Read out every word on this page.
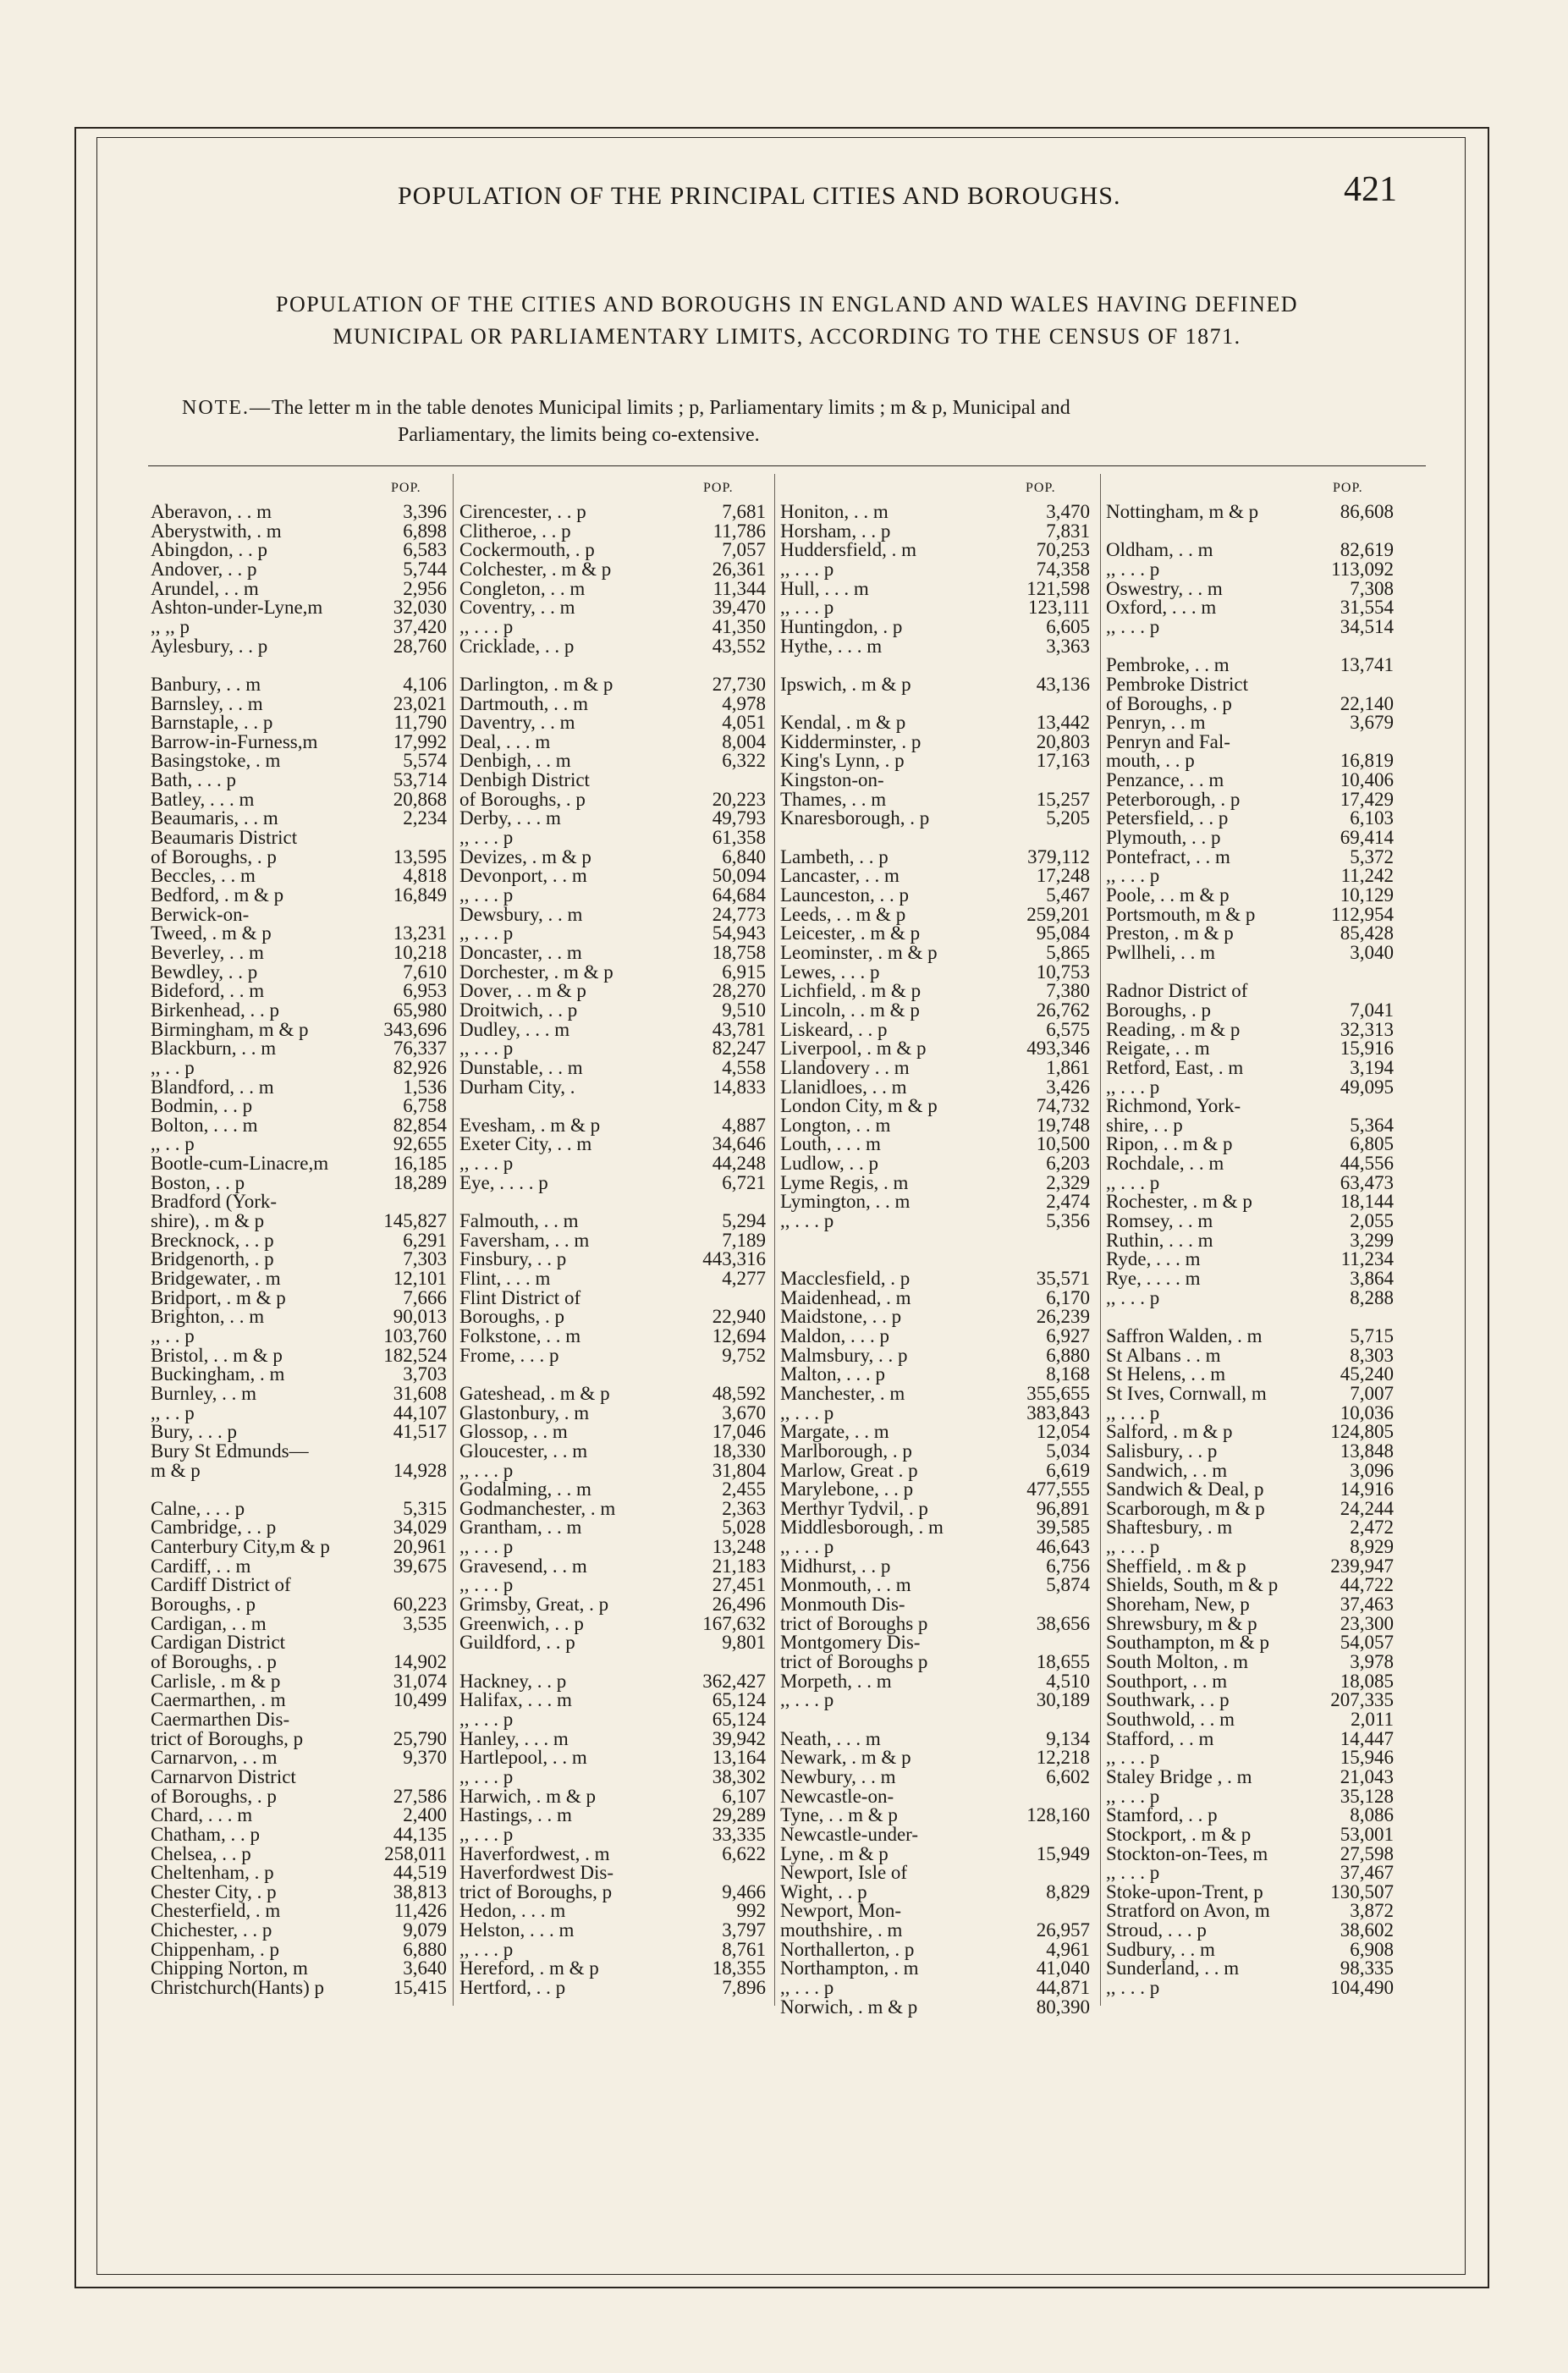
POPULATION OF THE PRINCIPAL CITIES AND BOROUGHS.	421
POPULATION OF THE CITIES AND BOROUGHS IN ENGLAND AND WALES HAVING DEFINED
MUNICIPAL OR PARLIAMENTARY LIMITS, ACCORDING TO THE CENSUS OF 1871.
NOTE.—The letter m in the table denotes Municipal limits ; p, Parliamentary limits ; m & p, Municipal and
Parliamentary, the limits being co-extensive.
POP.
Aberavon, . . m	3,396
Aberystwith, . m	6,898
Abingdon, . . p	6,583
Andover, . . p	5,744
Arundel, . . m	2,956
Ashton-under-Lyne,m	32,030
,, ,, p	37,420
Aylesbury, . . p	28,760
Banbury, . . m	4,106
Barnsley, . . m	23,021
Barnstaple, . . p	11,790
Barrow-in-Furness,m	17,992
Basingstoke, . m	5,574
Bath, . . . p	53,714
Batley, . . . m	20,868
Beaumaris, . . m	2,234
Beaumaris District
of Boroughs, . p	13,595
Beccles, . . m	4,818
Bedford, . m & p	16,849
Berwick-on-
Tweed, . m & p	13,231
Beverley, . . m	10,218
Bewdley, . . p	7,610
Bideford, . . m	6,953
Birkenhead, . . p	65,980
Birmingham, m & p	343,696
Blackburn, . . m	76,337
,, . . p	82,926
Blandford, . . m	1,536
Bodmin, . . p	6,758
Bolton, . . . m	82,854
,, . . p	92,655
Bootle-cum-Linacre,m	16,185
Boston, . . p	18,289
Bradford (York-
shire), . m & p	145,827
Brecknock, . . p	6,291
Bridgenorth, . p	7,303
Bridgewater, . m	12,101
Bridport, . m & p	7,666
Brighton, . . m	90,013
,, . . p	103,760
Bristol, . . m & p	182,524
Buckingham, . m	3,703
Burnley, . . m	31,608
,, . . p	44,107
Bury, . . . p	41,517
Bury St Edmunds—
m & p	14,928
Calne, . . . p	5,315
Cambridge, . . p	34,029
Canterbury City,m & p	20,961
Cardiff, . . m	39,675
Cardiff District of
Boroughs, . p	60,223
Cardigan, . . m	3,535
Cardigan District
of Boroughs, . p	14,902
Carlisle, . m & p	31,074
Caermarthen, . m	10,499
Caermarthen Dis-
trict of Boroughs, p	25,790
Carnarvon, . . m	9,370
Carnarvon District
of Boroughs, . p	27,586
Chard, . . . m	2,400
Chatham, . . p	44,135
Chelsea, . . p	258,011
Cheltenham, . p	44,519
Chester City, . p	38,813
Chesterfield, . m	11,426
Chichester, . . p	9,079
Chippenham, . p	6,880
Chipping Norton, m	3,640
Christchurch(Hants) p	15,415
POP.
Cirencester, . . p	7,681
Clitheroe, . . p	11,786
Cockermouth, . p	7,057
Colchester, . m & p	26,361
Congleton, . . m	11,344
Coventry, . . m	39,470
,, . . . p	41,350
Cricklade, . . p	43,552
Darlington, . m & p	27,730
Dartmouth, . . m	4,978
Daventry, . . m	4,051
Deal, . . . m	8,004
Denbigh, . . m	6,322
Denbigh District
of Boroughs, . p	20,223
Derby, . . . m	49,793
,, . . . p	61,358
Devizes, . m & p	6,840
Devonport, . . m	50,094
,, . . . p	64,684
Dewsbury, . . m	24,773
,, . . . p	54,943
Doncaster, . . m	18,758
Dorchester, . m & p	6,915
Dover, . . m & p	28,270
Droitwich, . . p	9,510
Dudley, . . . m	43,781
,, . . . p	82,247
Dunstable, . . m	4,558
Durham City, .	14,833
Evesham, . m & p	4,887
Exeter City, . . m	34,646
,, . . . p	44,248
Eye, . . . . p	6,721
Falmouth, . . m	5,294
Faversham, . . m	7,189
Finsbury, . . p	443,316
Flint, . . . m	4,277
Flint District of
Boroughs, . p	22,940
Folkstone, . . m	12,694
Frome, . . . p	9,752
Gateshead, . m & p	48,592
Glastonbury, . m	3,670
Glossop, . . m	17,046
Gloucester, . . m	18,330
,, . . . p	31,804
Godalming, . . m	2,455
Godmanchester, . m	2,363
Grantham, . . m	5,028
,, . . . p	13,248
Gravesend, . . m	21,183
,, . . . p	27,451
Grimsby, Great, . p	26,496
Greenwich, . . p	167,632
Guildford, . . p	9,801
Hackney, . . p	362,427
Halifax, . . . m	65,124
,, . . . p	65,124
Hanley, . . . m	39,942
Hartlepool, . . m	13,164
,, . . . p	38,302
Harwich, . m & p	6,107
Hastings, . . m	29,289
,, . . . p	33,335
Haverfordwest, . m	6,622
Haverfordwest Dis-
trict of Boroughs, p	9,466
Hedon, . . . m	992
Helston, . . . m	3,797
,, . . . p	8,761
Hereford, . m & p	18,355
Hertford, . . p	7,896
POP.
Honiton, . . m	3,470
Horsham, . . p	7,831
Huddersfield, . m	70,253
,, . . . p	74,358
Hull, . . . m	121,598
,, . . . p	123,111
Huntingdon, . p	6,605
Hythe, . . . m	3,363
Ipswich, . m & p	43,136
Kendal, . m & p	13,442
Kidderminster, . p	20,803
King's Lynn, . p	17,163
Kingston-on-
Thames, . . m	15,257
Knaresborough, . p	5,205
Lambeth, . . p	379,112
Lancaster, . . m	17,248
Launceston, . . p	5,467
Leeds, . . m & p	259,201
Leicester, . m & p	95,084
Leominster, . m & p	5,865
Lewes, . . . p	10,753
Lichfield, . m & p	7,380
Lincoln, . . m & p	26,762
Liskeard, . . p	6,575
Liverpool, . m & p	493,346
Llandovery . . m	1,861
Llanidloes, . . m	3,426
London City, m & p	74,732
Longton, . . m	19,748
Louth, . . . m	10,500
Ludlow, . . p	6,203
Lyme Regis, . m	2,329
Lymington, . . m	2,474
,, . . . p	5,356
Macclesfield, . p	35,571
Maidenhead, . m	6,170
Maidstone, . . p	26,239
Maldon, . . . p	6,927
Malmsbury, . . p	6,880
Malton, . . . p	8,168
Manchester, . m	355,655
,, . . . p	383,843
Margate, . . m	12,054
Marlborough, . p	5,034
Marlow, Great . p	6,619
Marylebone, . . p	477,555
Merthyr Tydvil, . p	96,891
Middlesborough, . m	39,585
,, . . . p	46,643
Midhurst, . . p	6,756
Monmouth, . . m	5,874
Monmouth Dis-
trict of Boroughs p	38,656
Montgomery Dis-
trict of Boroughs p	18,655
Morpeth, . . m	4,510
,, . . . p	30,189
Neath, . . . m	9,134
Newark, . m & p	12,218
Newbury, . . m	6,602
Newcastle-on-
Tyne, . . m & p	128,160
Newcastle-under-
Lyne, . m & p	15,949
Newport, Isle of
Wight, . . p	8,829
Newport, Mon-
mouthshire, . m	26,957
Northallerton, . p	4,961
Northampton, . m	41,040
,, . . . p	44,871
Norwich, . m & p	80,390
POP.
Nottingham, m & p	86,608
Oldham, . . m	82,619
,, . . . p	113,092
Oswestry, . . m	7,308
Oxford, . . . m	31,554
,, . . . p	34,514
Pembroke, . . m	13,741
Pembroke District
of Boroughs, . p	22,140
Penryn, . . m	3,679
Penryn and Fal-
mouth, . . p	16,819
Penzance, . . m	10,406
Peterborough, . p	17,429
Petersfield, . . p	6,103
Plymouth, . . p	69,414
Pontefract, . . m	5,372
,, . . . p	11,242
Poole, . . m & p	10,129
Portsmouth, m & p	112,954
Preston, . m & p	85,428
Pwllheli, . . m	3,040
Radnor District of
Boroughs, . p	7,041
Reading, . m & p	32,313
Reigate, . . m	15,916
Retford, East, . m	3,194
,, . . . p	49,095
Richmond, York-
shire, . . p	5,364
Ripon, . . m & p	6,805
Rochdale, . . m	44,556
,, . . . p	63,473
Rochester, . m & p	18,144
Romsey, . . m	2,055
Ruthin, . . . m	3,299
Ryde, . . . m	11,234
Rye, . . . . m	3,864
,, . . . p	8,288
Saffron Walden, . m	5,715
St Albans . . m	8,303
St Helens, . . m	45,240
St Ives, Cornwall, m	7,007
,, . . . p	10,036
Salford, . m & p	124,805
Salisbury, . . p	13,848
Sandwich, . . m	3,096
Sandwich & Deal, p	14,916
Scarborough, m & p	24,244
Shaftesbury, . m	2,472
,, . . . p	8,929
Sheffield, . m & p	239,947
Shields, South, m & p	44,722
Shoreham, New, p	37,463
Shrewsbury, m & p	23,300
Southampton, m & p	54,057
South Molton, . m	3,978
Southport, . . m	18,085
Southwark, . . p	207,335
Southwold, . . m	2,011
Stafford, . . m	14,447
,, . . . p	15,946
Staley Bridge , . m	21,043
,, . . . p	35,128
Stamford, . . p	8,086
Stockport, . m & p	53,001
Stockton-on-Tees, m	27,598
,, . . . p	37,467
Stoke-upon-Trent, p	130,507
Stratford on Avon, m	3,872
Stroud, . . . p	38,602
Sudbury, . . m	6,908
Sunderland, . . m	98,335
,, . . . p	104,490
